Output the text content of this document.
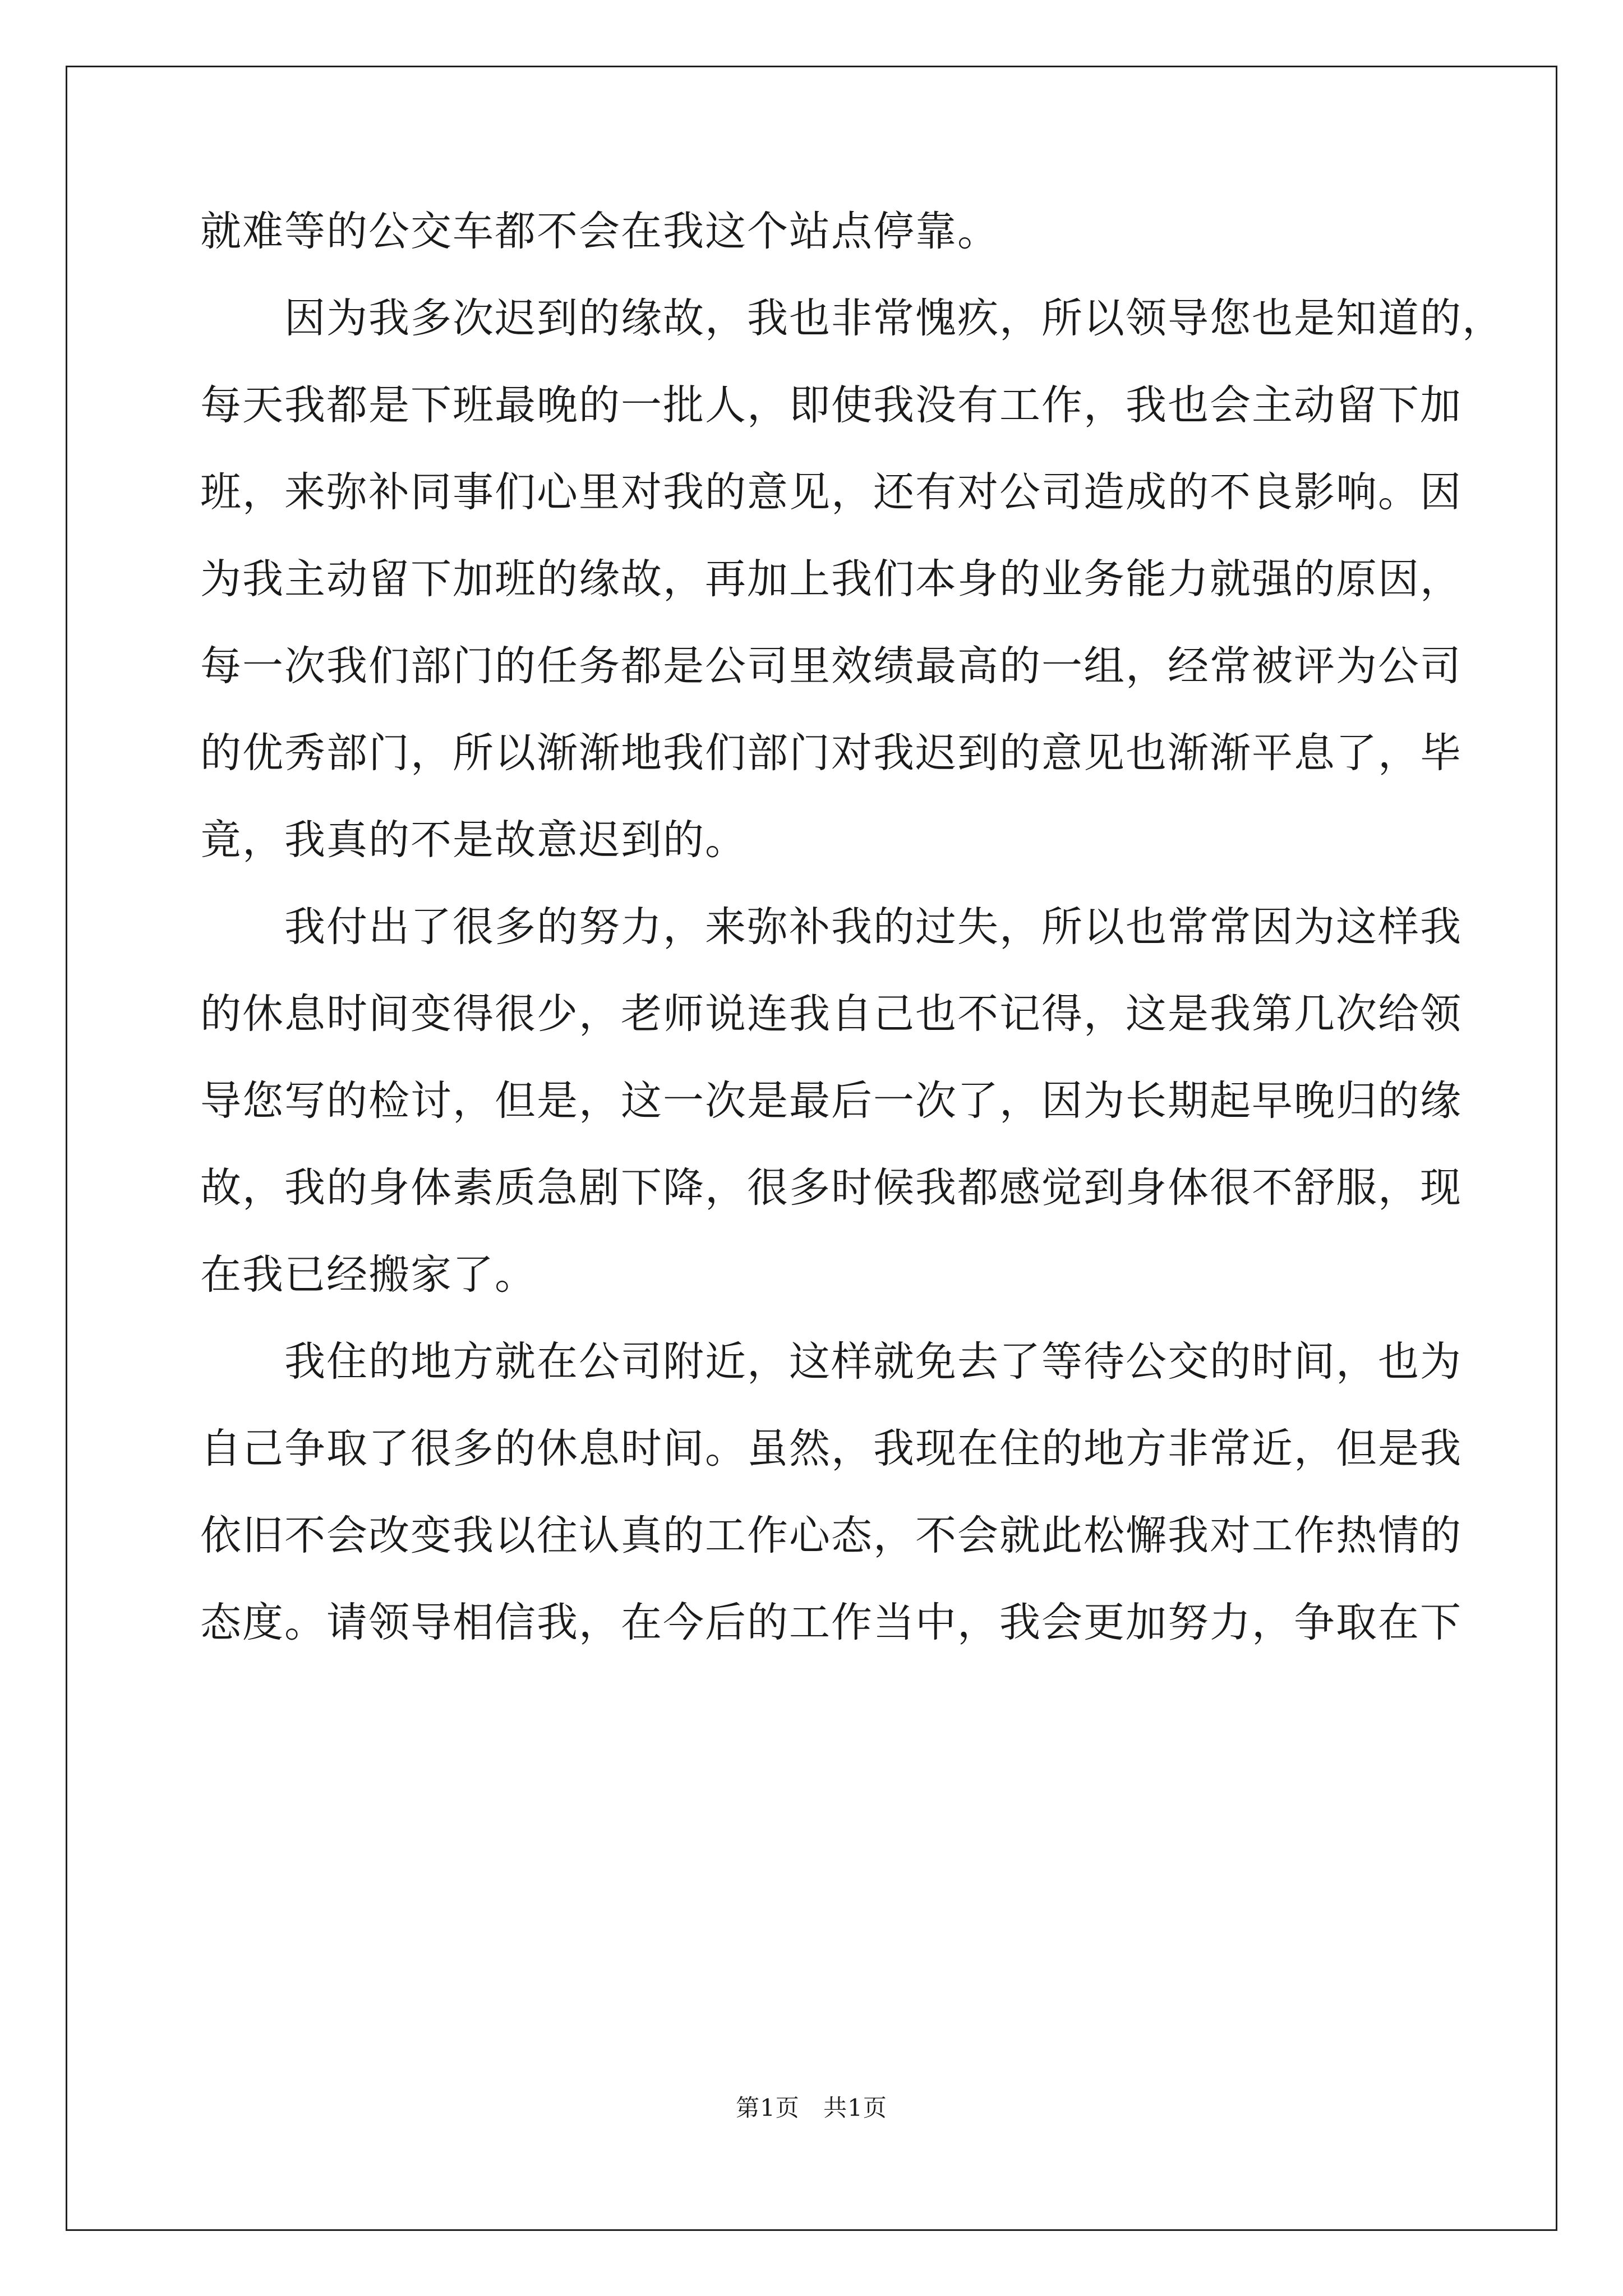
就难等的公交车都不会在我这个站点停靠。
因为我多次迟到的缘故，我也非常愧疚，所以领导您也是知道的，
每天我都是下班最晚的一批人，即使我没有工作，我也会主动留下加
班，来弥补同事们心里对我的意见，还有对公司造成的不良影响。因
为我主动留下加班的缘故，再加上我们本身的业务能力就强的原因，
每一次我们部门的任务都是公司里效绩最高的一组，经常被评为公司
的优秀部门，所以渐渐地我们部门对我迟到的意见也渐渐平息了，毕
竟，我真的不是故意迟到的。
我付出了很多的努力，来弥补我的过失，所以也常常因为这样我
的休息时间变得很少，老师说连我自己也不记得，这是我第几次给领
导您写的检讨，但是，这一次是最后一次了，因为长期起早晚归的缘
故，我的身体素质急剧下降，很多时候我都感觉到身体很不舒服，现
在我已经搬家了。
我住的地方就在公司附近，这样就免去了等待公交的时间，也为
自己争取了很多的休息时间。虽然，我现在住的地方非常近，但是我
依旧不会改变我以往认真的工作心态，不会就此松懈我对工作热情的
态度。请领导相信我，在今后的工作当中，我会更加努力，争取在下
第1页 共1页
